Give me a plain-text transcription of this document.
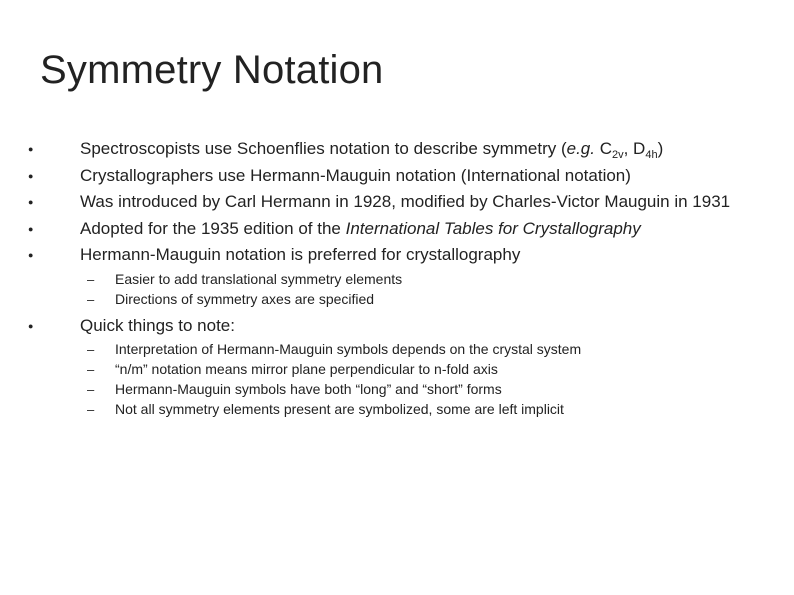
Symmetry Notation
●	Spectroscopists use Schoenflies notation to describe symmetry (e.g. $C_{2v}$, $D_{4h}$)
●	Crystallographers use Hermann-Mauguin notation (International notation)
●	Was introduced by Carl Hermann in 1928, modified by Charles-Victor Mauguin in 1931
●	Adopted for the 1935 edition of the International Tables for Crystallography
●	Hermann-Mauguin notation is preferred for crystallography
– Easier to add translational symmetry elements
– Directions of symmetry axes are specified
●	Quick things to note:
– Interpretation of Hermann-Mauguin symbols depends on the crystal system
– “n/m” notation means mirror plane perpendicular to n-fold axis
– Hermann-Mauguin symbols have both “long” and “short” forms
– Not all symmetry elements present are symbolized, some are left implicit
